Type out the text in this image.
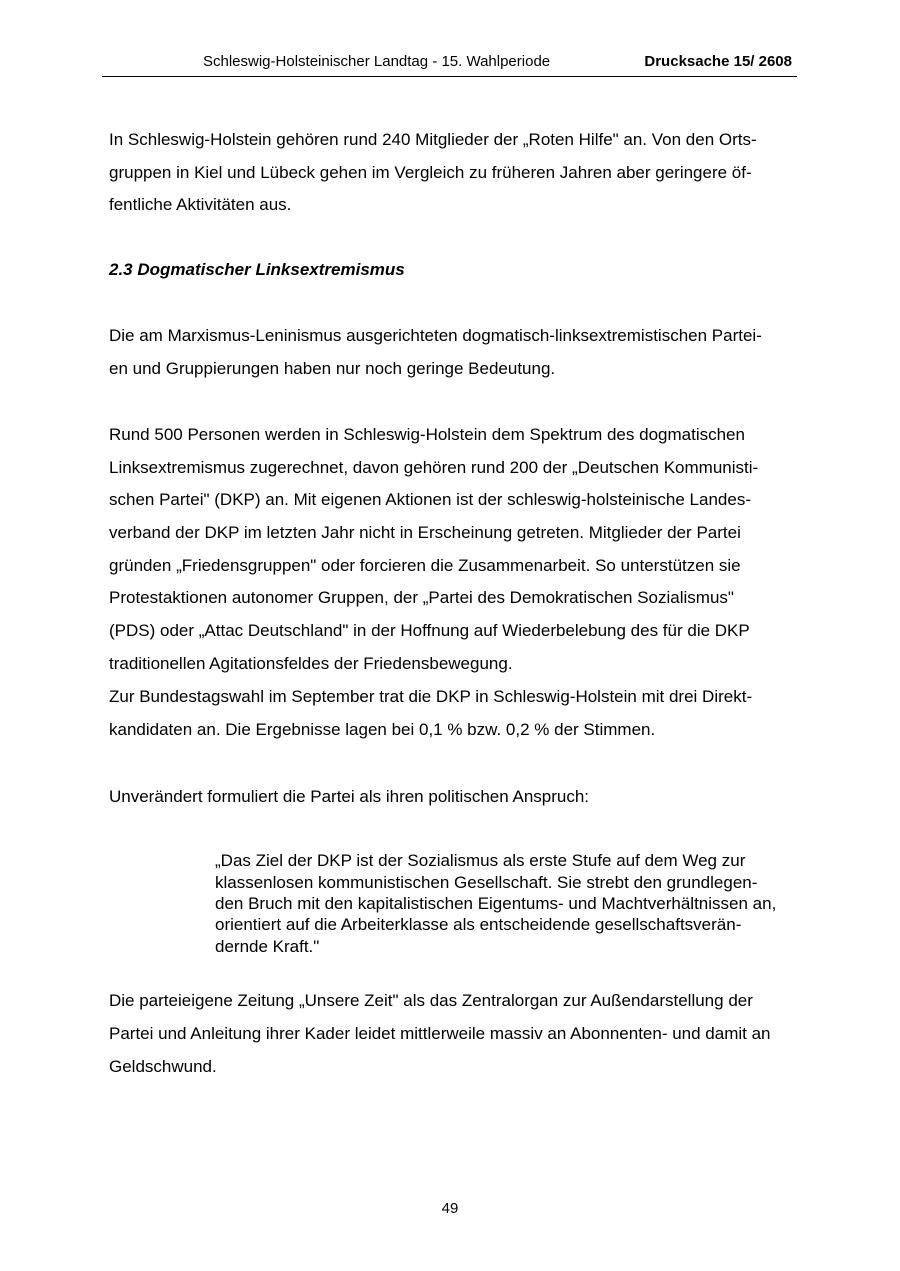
Schleswig-Holsteinischer Landtag - 15. Wahlperiode	Drucksache 15/ 2608
In Schleswig-Holstein gehören rund 240 Mitglieder der „Roten Hilfe" an. Von den Orts-
gruppen in Kiel und Lübeck gehen im Vergleich zu früheren Jahren aber geringere öf-
fentliche Aktivitäten aus.
Die am Marxismus-Leninismus ausgerichteten dogmatisch-linksextremistischen Partei-
en und Gruppierungen haben nur noch geringe Bedeutung.
Rund 500 Personen werden in Schleswig-Holstein dem Spektrum des dogmatischen
Linksextremismus zugerechnet, davon gehören rund 200 der „Deutschen Kommunisti-
schen Partei" (DKP) an. Mit eigenen Aktionen ist der schleswig-holsteinische Landes-
verband der DKP im letzten Jahr nicht in Erscheinung getreten. Mitglieder der Partei
gründen „Friedensgruppen" oder forcieren die Zusammenarbeit. So unterstützen sie
Protestaktionen autonomer Gruppen, der „Partei des Demokratischen Sozialismus"
(PDS) oder „Attac Deutschland" in der Hoffnung auf Wiederbelebung des für die DKP
traditionellen Agitationsfeldes der Friedensbewegung.
Zur Bundestagswahl im September trat die DKP in Schleswig-Holstein mit drei Direkt-
kandidaten an. Die Ergebnisse lagen bei 0,1 % bzw. 0,2 % der Stimmen.
Unverändert formuliert die Partei als ihren politischen Anspruch:
„Das Ziel der DKP ist der Sozialismus als erste Stufe auf dem Weg zur
klassenlosen kommunistischen Gesellschaft. Sie strebt den grundlegen-
den Bruch mit den kapitalistischen Eigentums- und Machtverhältnissen an,
orientiert auf die Arbeiterklasse als entscheidende gesellschaftsverän-
dernde Kraft."
Die parteieigene Zeitung „Unsere Zeit" als das Zentralorgan zur Außendarstellung der
Partei und Anleitung ihrer Kader leidet mittlerweile massiv an Abonnenten- und damit an
Geldschwund.
2.3 Dogmatischer Linksextremismus
49
